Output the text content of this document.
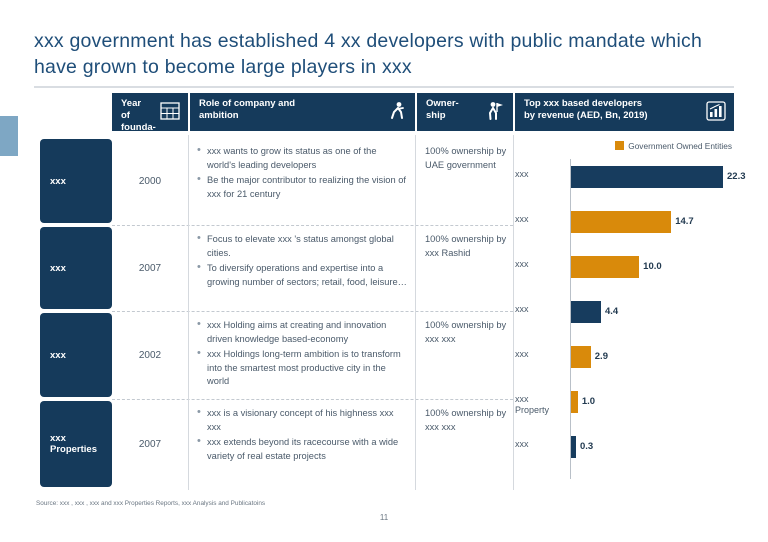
xxx government has established 4 xx developers with public mandate which have grown to become large players in xxx
Year of
founda-
tion
Role of company and
ambition
Owner-
ship
Top xxx based developers
by revenue (AED, Bn, 2019)
xxx	2000
• xxx wants to grow its status as one of the world's leading developers
• Be the major contributor to realizing the vision of xxx for 21 century
100% ownership by UAE government
xxx	2007
• Focus to elevate xxx 's status amongst global cities.
• To diversify operations and expertise into a growing number of sectors; retail, food, leisure…
100% ownership by xxx Rashid
xxx	2002
• xxx Holding aims at creating and innovation driven knowledge based-economy
• xxx Holdings long-term ambition is to transform into the smartest most productive city in the world
100% ownership by xxx xxx
xxx
Properties	2007
• xxx is a visionary concept of his highness xxx xxx
• xxx extends beyond its racecourse with a wide variety of real estate projects
100% ownership by xxx xxx
Government Owned Entities
xxx	22.3
xxx	14.7
xxx	10.0
xxx	4.4
xxx	2.9
xxx
Property
1.0
xxx	0.3
Source: xxx , xxx , xxx and xxx Properties Reports, xxx Analysis and Publicatoins
11
